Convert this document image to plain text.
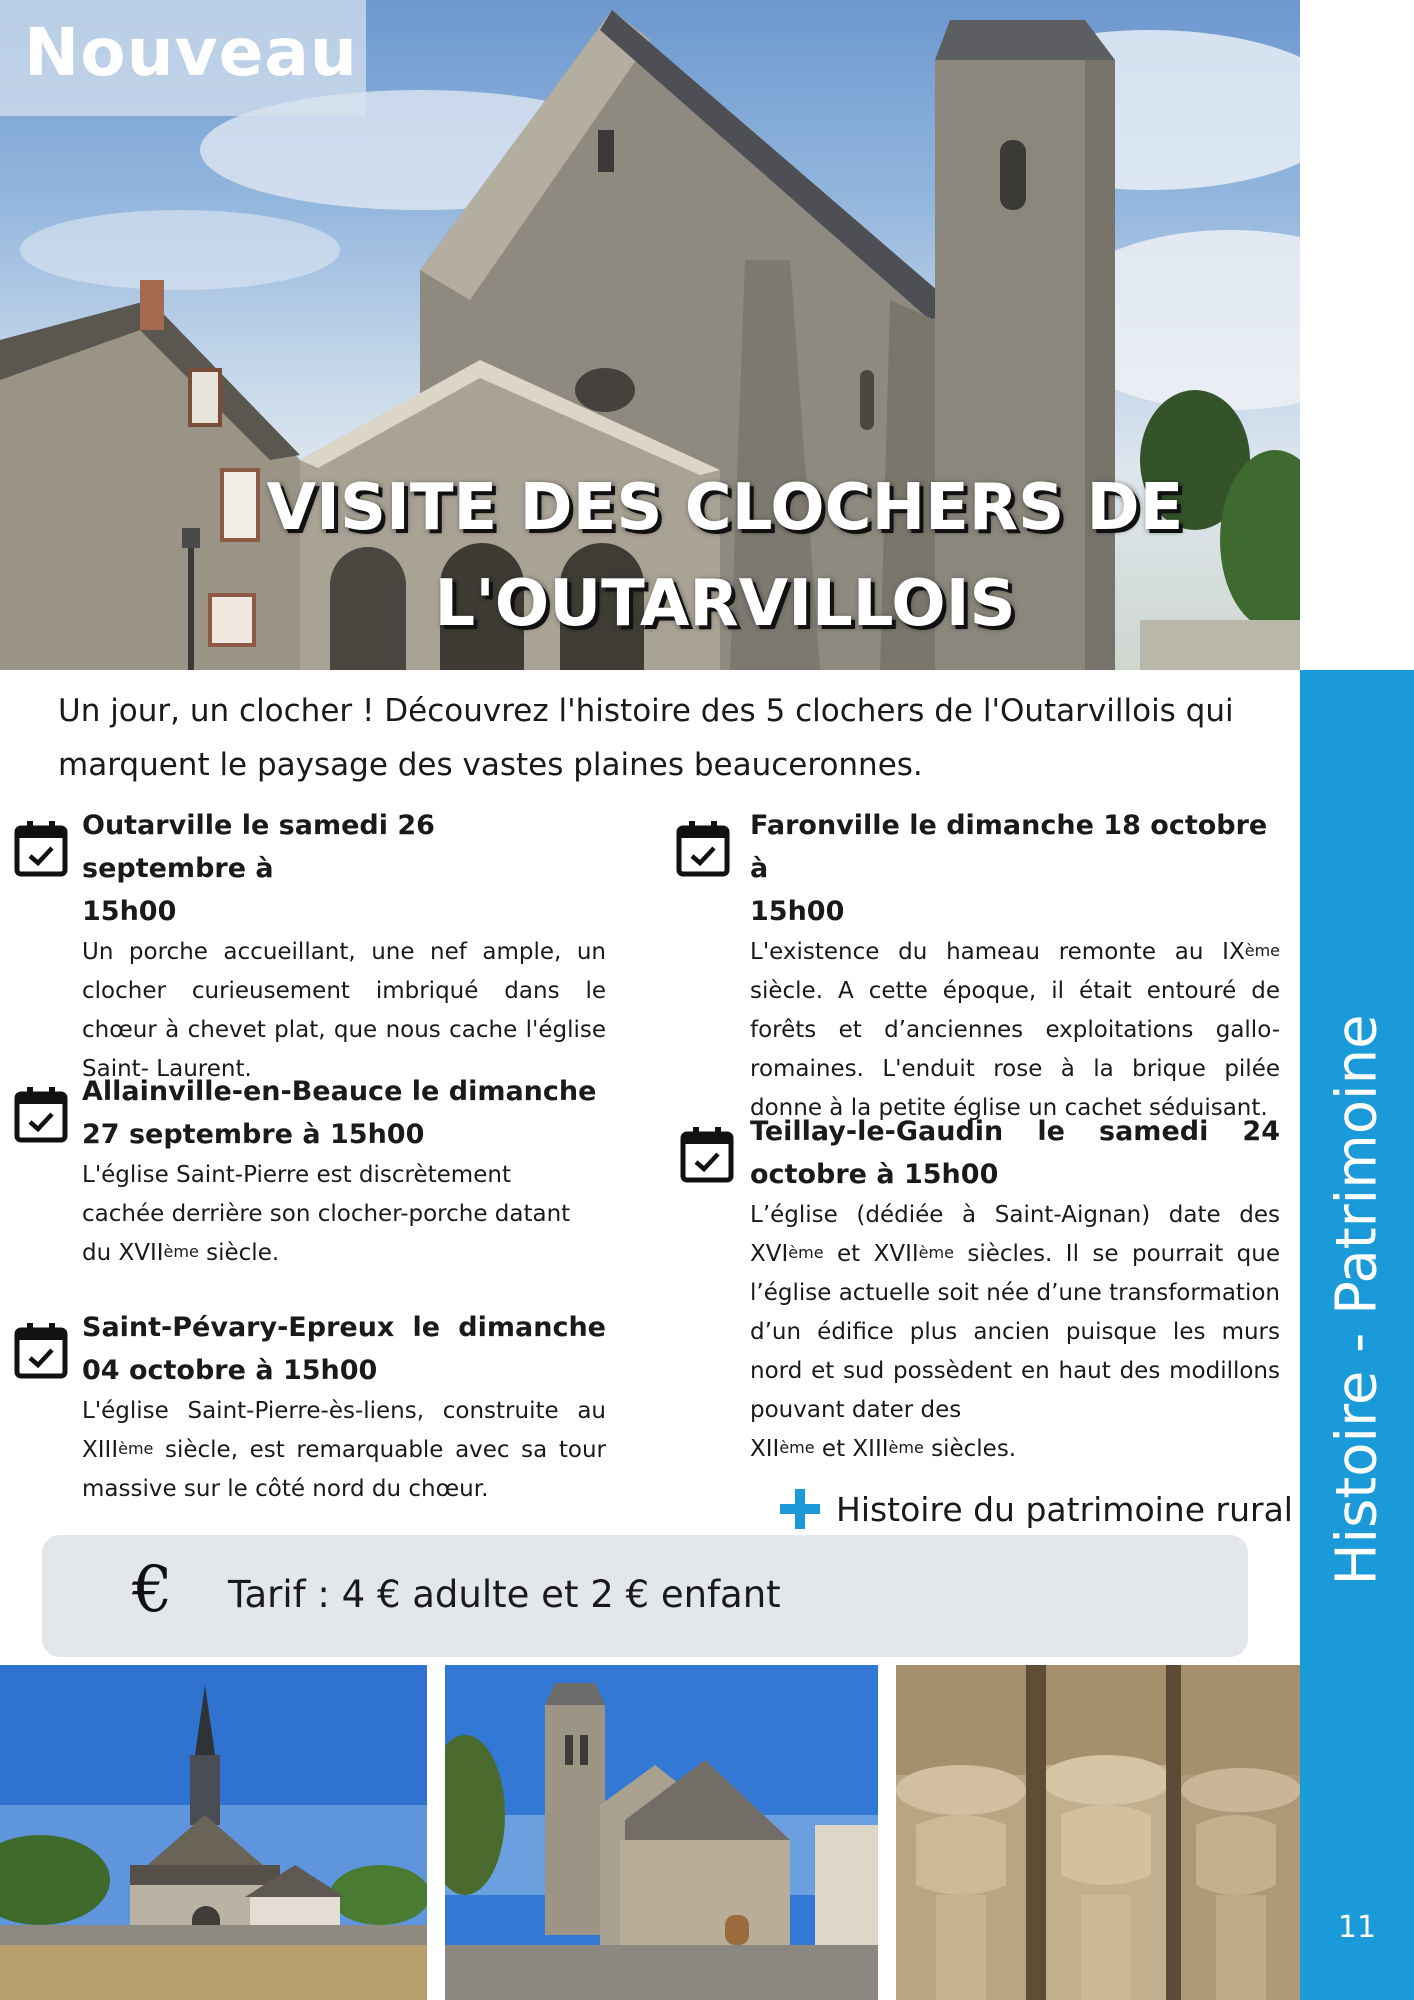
Nouveau
VISITE DES CLOCHERS DE
L'OUTARVILLOIS
Histoire - Patrimoine
11
Un jour, un clocher ! Découvrez l'histoire des 5 clochers de l'Outarvillois qui marquent le paysage des vastes plaines beauceronnes.
Outarville le samedi 26 septembre à
15h00
Un porche accueillant, une nef ample, un clocher curieusement imbriqué dans le chœur à chevet plat, que nous cache l'église Saint- Laurent.
Allainville-en-Beauce le dimanche
27 septembre à 15h00
L'église Saint-Pierre est discrètement
cachée derrière son clocher-porche datant
du XVIIème siècle.
Saint-Pévary-Epreux le dimanche
04 octobre à 15h00
L'église Saint-Pierre-ès-liens, construite au XIIIème siècle, est remarquable avec sa tour massive sur le côté nord du chœur.
Faronville le dimanche 18 octobre à
15h00
L'existence du hameau remonte au IXème siècle. A cette époque, il était entouré de forêts et d’anciennes exploitations gallo-romaines. L'enduit rose à la brique pilée donne à la petite église un cachet séduisant.
Teillay-le-Gaudin le samedi 24
octobre à 15h00
L’église (dédiée à Saint-Aignan) date des XVIème et XVIIème siècles. Il se pourrait que l’église actuelle soit née d’une transformation d’un édifice plus ancien puisque les murs nord et sud possèdent en haut des modillons pouvant dater des
XIIème et XIIIème siècles.
Histoire du patrimoine rural
€ Tarif : 4 € adulte et 2 € enfant
